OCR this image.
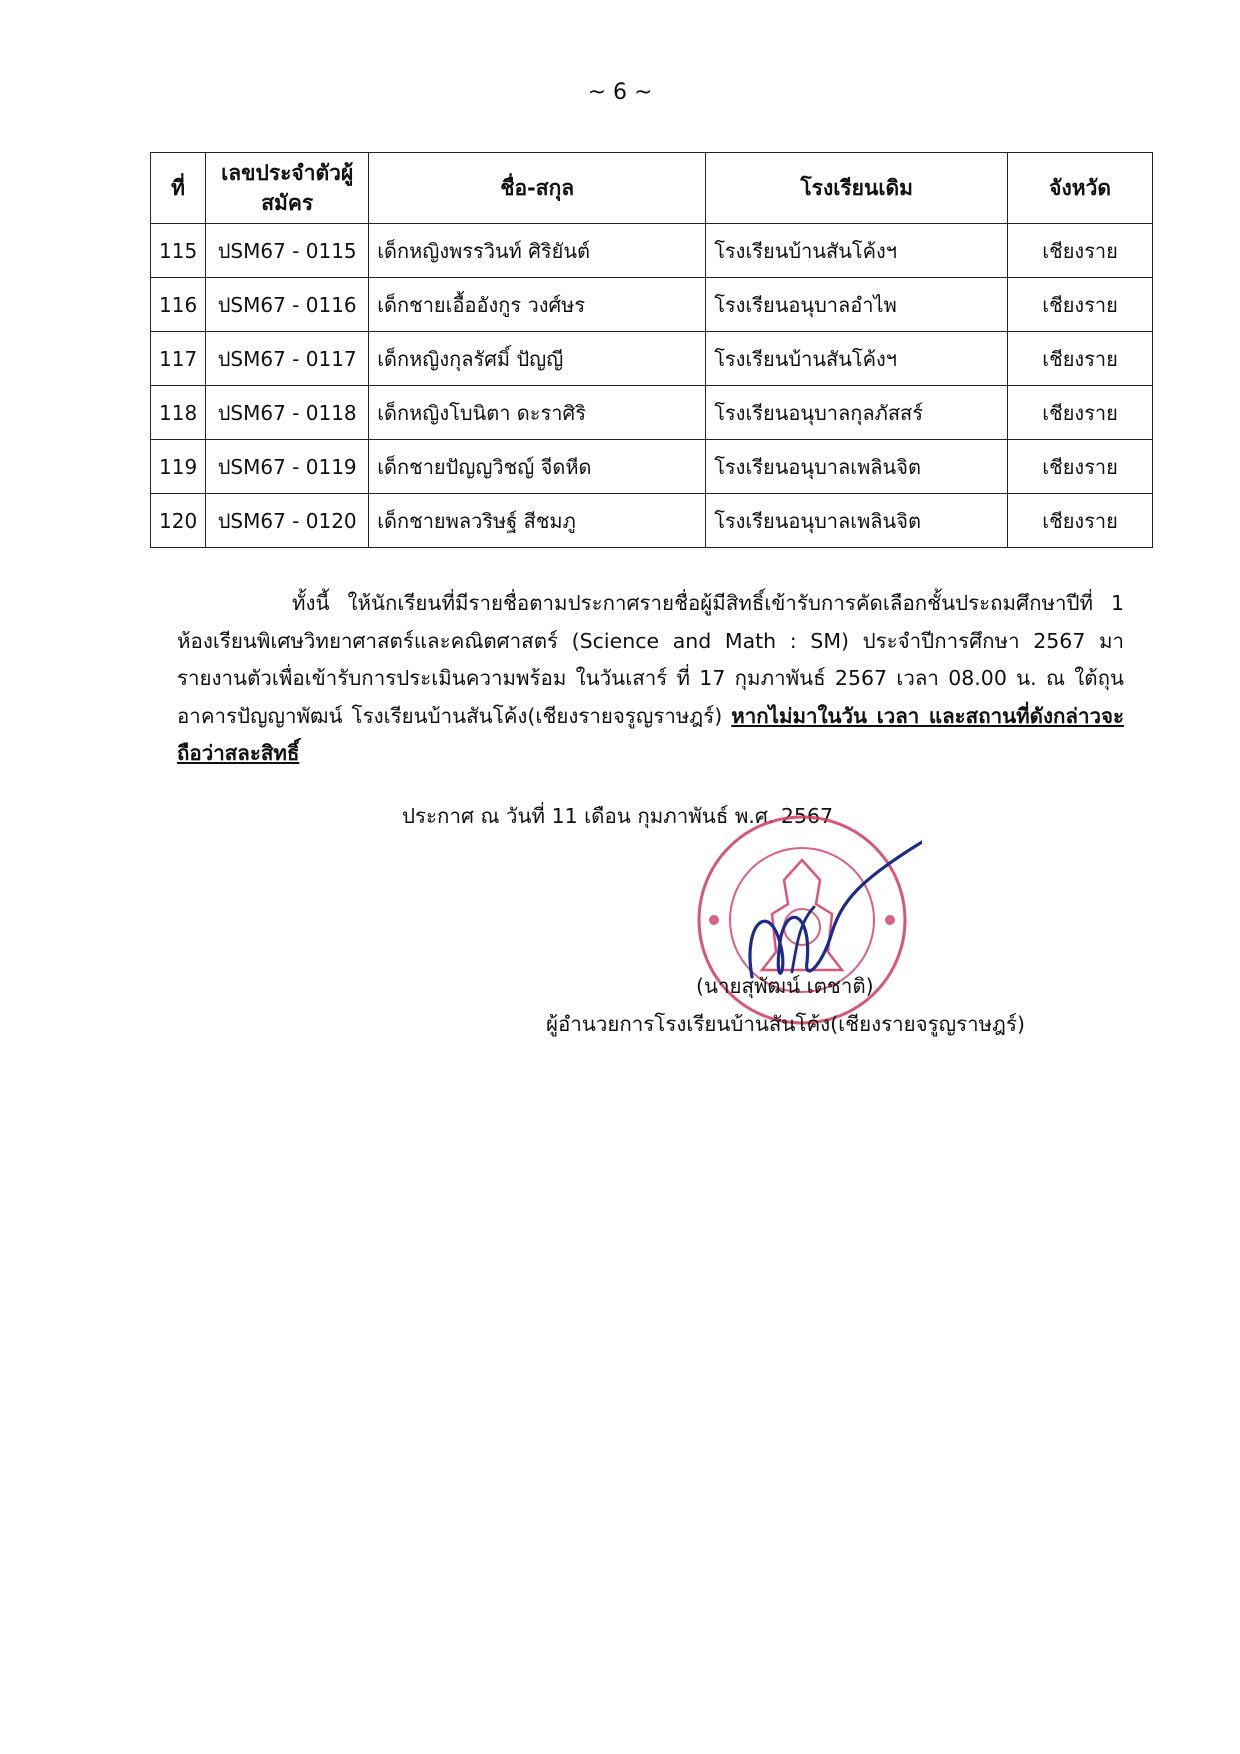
~ 6 ~
ที่	เลขประจำตัวผู้สมัคร	ชื่อ-สกุล	โรงเรียนเดิม	จังหวัด
115	ปSM67 - 0115	เด็กหญิงพรรวินท์ ศิริยันต์	โรงเรียนบ้านสันโค้งฯ	เชียงราย
116	ปSM67 - 0116	เด็กชายเอื้ออังกูร วงศ์ษร	โรงเรียนอนุบาลอำไพ	เชียงราย
117	ปSM67 - 0117	เด็กหญิงกุลรัศมิ์ ปัญญี	โรงเรียนบ้านสันโค้งฯ	เชียงราย
118	ปSM67 - 0118	เด็กหญิงโบนิตา ดะราศิริ	โรงเรียนอนุบาลกุลภัสสร์	เชียงราย
119	ปSM67 - 0119	เด็กชายปัญญวิชญ์ จีดหีด	โรงเรียนอนุบาลเพลินจิต	เชียงราย
120	ปSM67 - 0120	เด็กชายพลวริษฐ์ สีชมภู	โรงเรียนอนุบาลเพลินจิต	เชียงราย
ทั้งนี้ ให้นักเรียนที่มีรายชื่อตามประกาศรายชื่อผู้มีสิทธิ์เข้ารับการคัดเลือกชั้นประถมศึกษาปีที่ 1 ห้องเรียนพิเศษวิทยาศาสตร์และคณิตศาสตร์ (Science and Math : SM) ประจำปีการศึกษา 2567 มารายงานตัวเพื่อเข้ารับการประเมินความพร้อม ในวันเสาร์ ที่ 17 กุมภาพันธ์ 2567 เวลา 08.00 น. ณ ใต้ถุนอาคารปัญญาพัฒน์ โรงเรียนบ้านสันโค้ง(เชียงรายจรูญราษฎร์) หากไม่มาในวัน เวลา และสถานที่ดังกล่าวจะถือว่าสละสิทธิ์
ประกาศ ณ วันที่ 11 เดือน กุมภาพันธ์ พ.ศ. 2567
(นายสุพัฒน์ เตชาติ)
ผู้อำนวยการโรงเรียนบ้านสันโค้ง(เชียงรายจรูญราษฎร์)
